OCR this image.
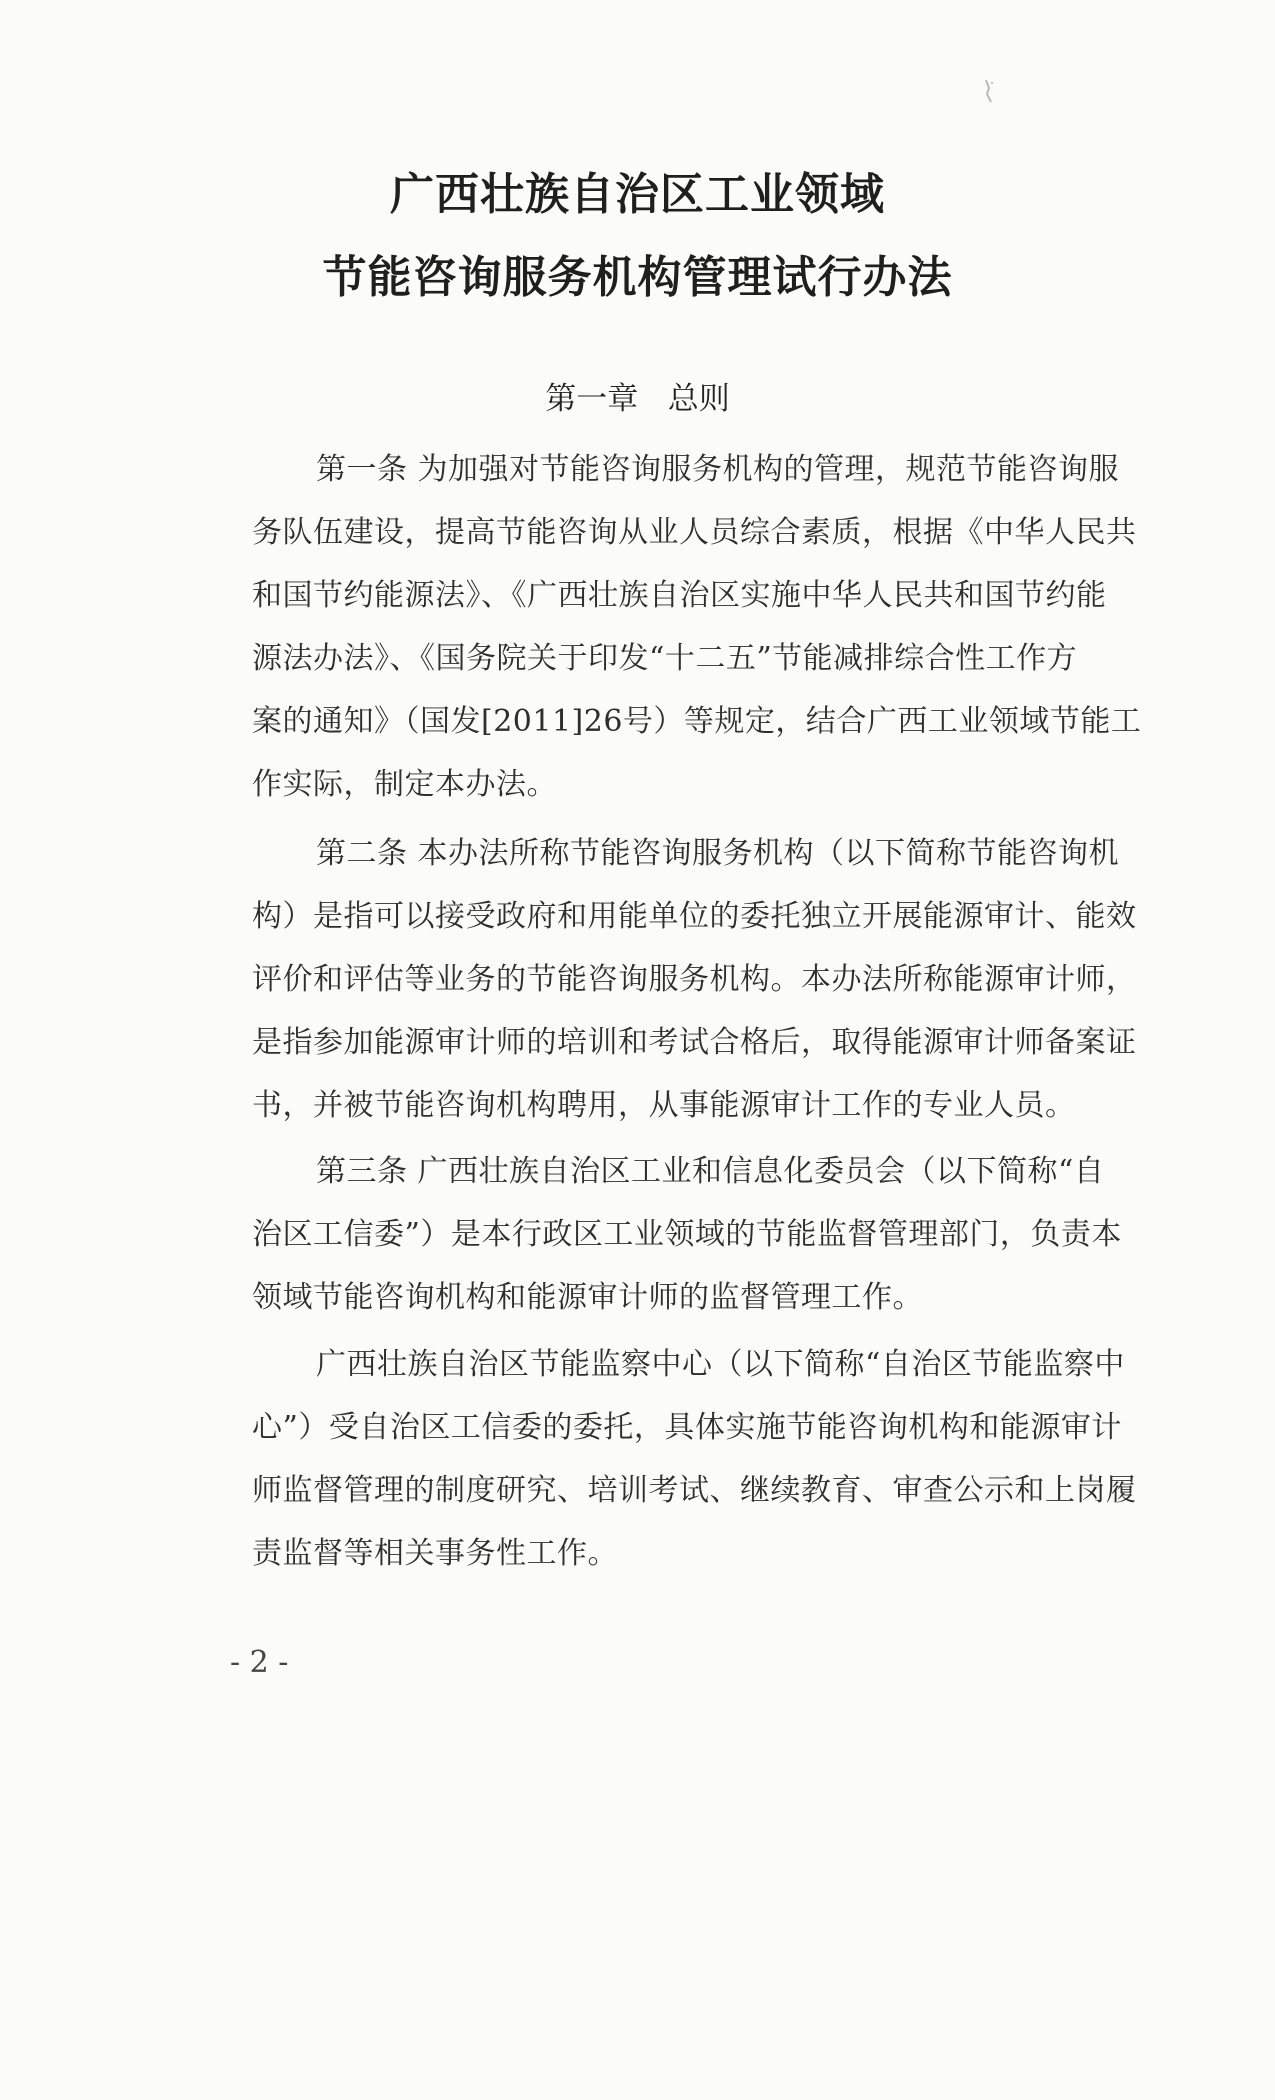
广西壮族自治区工业领域
节能咨询服务机构管理试行办法
第一章   总则
第一条 为加强对节能咨询服务机构的管理，规范节能咨询服
务队伍建设，提高节能咨询从业人员综合素质，根据《中华人民共
和国节约能源法》、《广西壮族自治区实施中华人民共和国节约能
源法办法》、《国务院关于印发“十二五”节能减排综合性工作方
案的通知》（国发[2011]26号）等规定，结合广西工业领域节能工
作实际，制定本办法。
第二条 本办法所称节能咨询服务机构（以下简称节能咨询机
构）是指可以接受政府和用能单位的委托独立开展能源审计、能效
评价和评估等业务的节能咨询服务机构。本办法所称能源审计师，
是指参加能源审计师的培训和考试合格后，取得能源审计师备案证
书，并被节能咨询机构聘用，从事能源审计工作的专业人员。
第三条 广西壮族自治区工业和信息化委员会（以下简称“自
治区工信委”）是本行政区工业领域的节能监督管理部门，负责本
领域节能咨询机构和能源审计师的监督管理工作。
广西壮族自治区节能监察中心（以下简称“自治区节能监察中
心”）受自治区工信委的委托，具体实施节能咨询机构和能源审计
师监督管理的制度研究、培训考试、继续教育、审查公示和上岗履
责监督等相关事务性工作。
- 2 -
